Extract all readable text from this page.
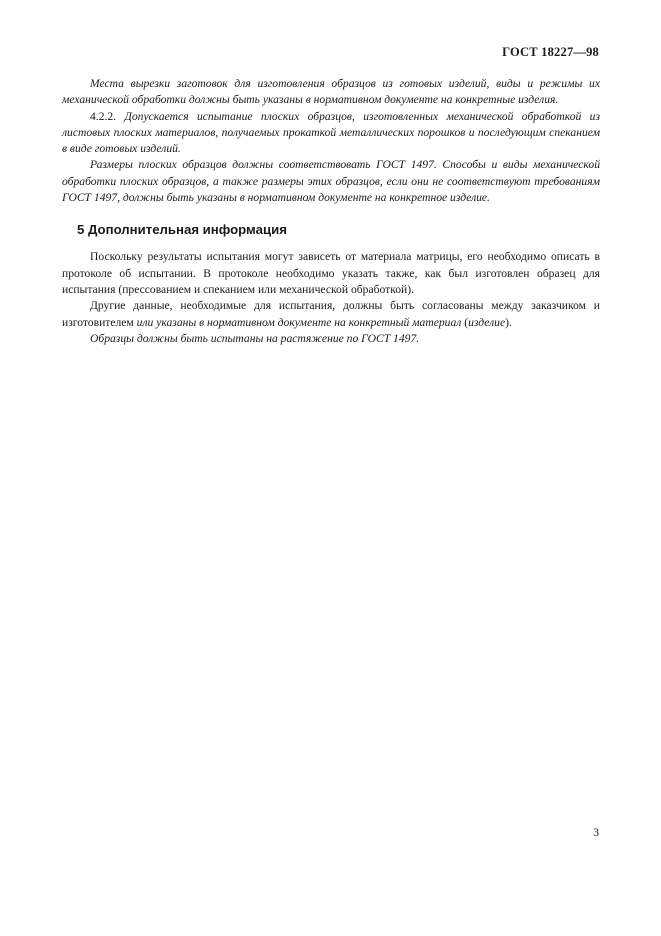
ГОСТ 18227—98

Места вырезки заготовок для изготовления образцов из готовых изделий, виды и режимы их механической обработки должны быть указаны в нормативном документе на конкретные изделия.

4.2.2. Допускается испытание плоских образцов, изготовленных механической обработкой из листовых плоских материалов, получаемых прокаткой металлических порошков и последующим спеканием в виде готовых изделий.

Размеры плоских образцов должны соответствовать ГОСТ 1497. Способы и виды механической обработки плоских образцов, а также размеры этих образцов, если они не соответствуют требованиям ГОСТ 1497, должны быть указаны в нормативном документе на конкретное изделие.

5 Дополнительная информация

Поскольку результаты испытания могут зависеть от материала матрицы, его необходимо описать в протоколе об испытании. В протоколе необходимо указать также, как был изготовлен образец для испытания (прессованием и спеканием или механической обработкой).

Другие данные, необходимые для испытания, должны быть согласованы между заказчиком и изготовителем или указаны в нормативном документе на конкретный материал (изделие).

Образцы должны быть испытаны на растяжение по ГОСТ 1497.

3
